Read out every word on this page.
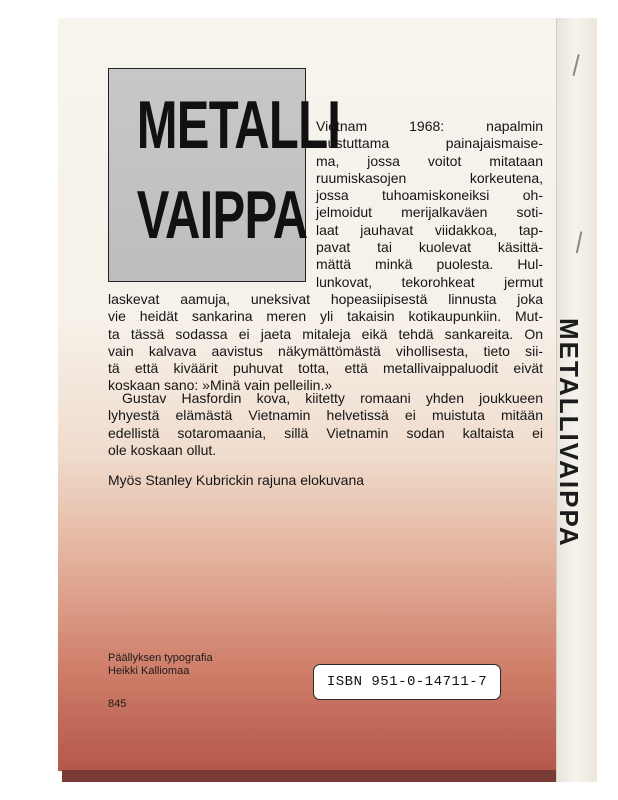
METALLIVAIPPA
METALLI
VAIPPA
Vietnam 1968: napalmin
mustuttama painajaismaise-
ma, jossa voitot mitataan
ruumiskasojen korkeutena,
jossa tuhoamiskoneiksi oh-
jelmoidut merijalkaväen soti-
laat jauhavat viidakkoa, tap-
pavat tai kuolevat käsittä-
mättä minkä puolesta. Hul-
lunkovat, tekorohkeat jermut
laskevat aamuja, uneksivat hopeasiipisestä linnusta joka
vie heidät sankarina meren yli takaisin kotikaupunkiin. Mut-
ta tässä sodassa ei jaeta mitaleja eikä tehdä sankareita. On
vain kalvava aavistus näkymättömästä vihollisesta, tieto sii-
tä että kiväärit puhuvat totta, että metallivaippaluodit eivät
koskaan sano: »Minä vain pelleilin.»
Gustav Hasfordin kova, kiitetty romaani yhden joukkueen
lyhyestä elämästä Vietnamin helvetissä ei muistuta mitään
edellistä sotaromaania, sillä Vietnamin sodan kaltaista ei
ole koskaan ollut.
Myös Stanley Kubrickin rajuna elokuvana
Päällyksen typografia
Heikki Kalliomaa
845
ISBN 951-0-14711-7
